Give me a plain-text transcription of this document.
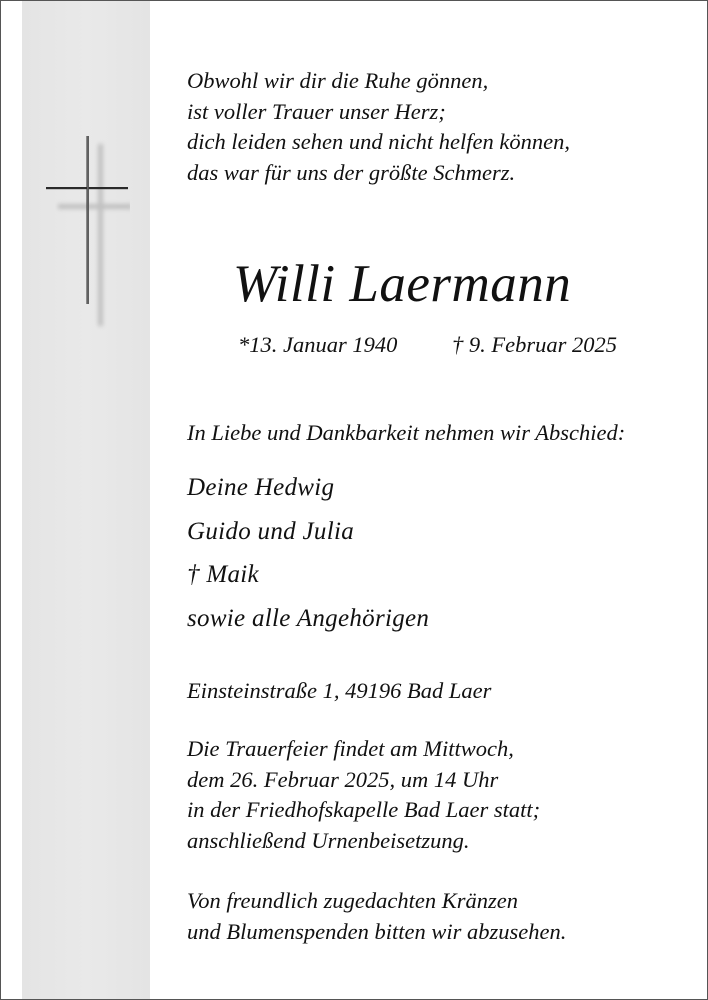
Obwohl wir dir die Ruhe gönnen,
ist voller Trauer unser Herz;
dich leiden sehen und nicht helfen können,
das war für uns der größte Schmerz.
Willi Laermann
*13. Januar 1940 † 9. Februar 2025
In Liebe und Dankbarkeit nehmen wir Abschied:
Deine Hedwig
Guido und Julia
† Maik
sowie alle Angehörigen
Einsteinstraße 1, 49196 Bad Laer
Die Trauerfeier findet am Mittwoch,
dem 26. Februar 2025, um 14 Uhr
in der Friedhofskapelle Bad Laer statt;
anschließend Urnenbeisetzung.
Von freundlich zugedachten Kränzen
und Blumenspenden bitten wir abzusehen.
